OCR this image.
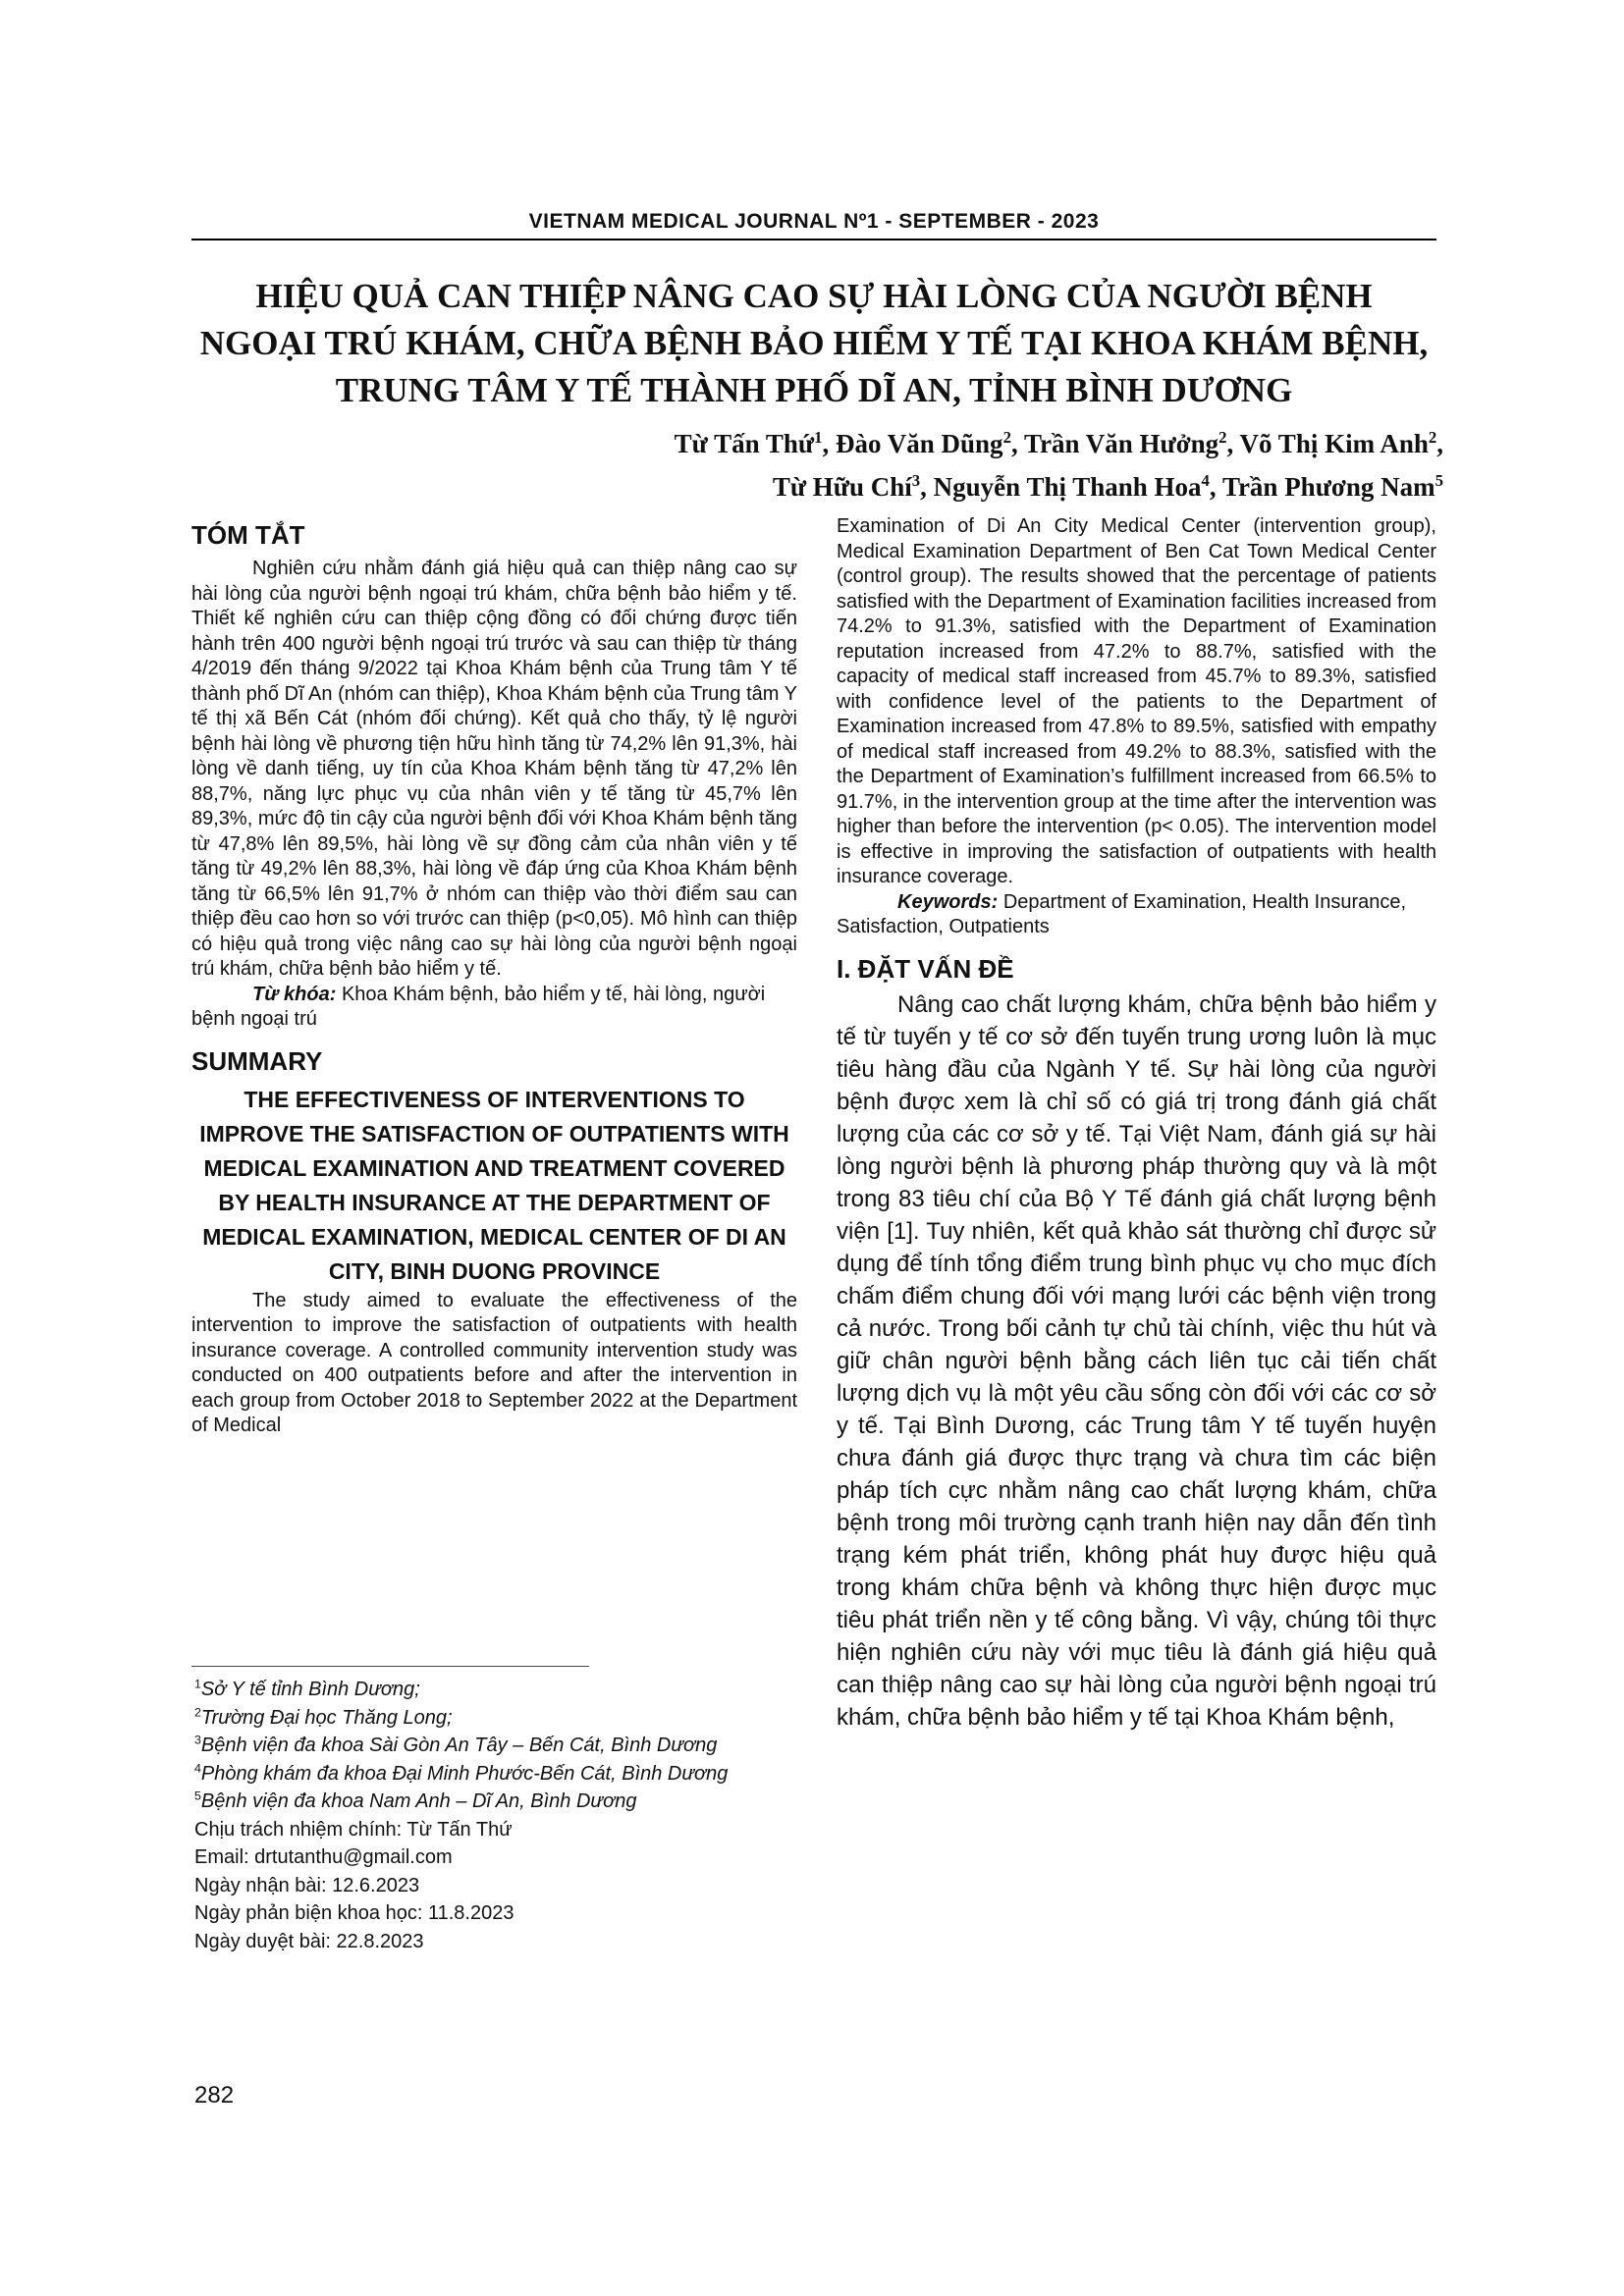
VIETNAM MEDICAL JOURNAL Nº1 - SEPTEMBER - 2023
HIỆU QUẢ CAN THIỆP NÂNG CAO SỰ HÀI LÒNG CỦA NGƯỜI BỆNH
NGOẠI TRÚ KHÁM, CHỮA BỆNH BẢO HIỂM Y TẾ TẠI KHOA KHÁM BỆNH,
TRUNG TÂM Y TẾ THÀNH PHỐ DĨ AN, TỈNH BÌNH DƯƠNG
Từ Tấn Thứ$^1$, Đào Văn Dũng$^2$, Trần Văn Hưởng$^2$, Võ Thị Kim Anh$^2$,
Từ Hữu Chí$^3$, Nguyễn Thị Thanh Hoa$^4$, Trần Phương Nam$^5$
TÓM TẮT

Nghiên cứu nhằm đánh giá hiệu quả can thiệp nâng cao sự hài lòng của người bệnh ngoại trú khám, chữa bệnh bảo hiểm y tế. Thiết kế nghiên cứu can thiệp cộng đồng có đối chứng được tiến hành trên 400 người bệnh ngoại trú trước và sau can thiệp từ tháng 4/2019 đến tháng 9/2022 tại Khoa Khám bệnh của Trung tâm Y tế thành phố Dĩ An (nhóm can thiệp), Khoa Khám bệnh của Trung tâm Y tế thị xã Bến Cát (nhóm đối chứng). Kết quả cho thấy, tỷ lệ người bệnh hài lòng về phương tiện hữu hình tăng từ 74,2% lên 91,3%, hài lòng về danh tiếng, uy tín của Khoa Khám bệnh tăng từ 47,2% lên 88,7%, năng lực phục vụ của nhân viên y tế tăng từ 45,7% lên 89,3%, mức độ tin cậy của người bệnh đối với Khoa Khám bệnh tăng từ 47,8% lên 89,5%, hài lòng về sự đồng cảm của nhân viên y tế tăng từ 49,2% lên 88,3%, hài lòng về đáp ứng của Khoa Khám bệnh tăng từ 66,5% lên 91,7% ở nhóm can thiệp vào thời điểm sau can thiệp đều cao hơn so với trước can thiệp (p<0,05). Mô hình can thiệp có hiệu quả trong việc nâng cao sự hài lòng của người bệnh ngoại trú khám, chữa bệnh bảo hiểm y tế.

Từ khóa: Khoa Khám bệnh, bảo hiểm y tế, hài lòng, người bệnh ngoại trú

SUMMARY

THE EFFECTIVENESS OF INTERVENTIONS TO IMPROVE THE SATISFACTION OF OUTPATIENTS WITH MEDICAL EXAMINATION AND TREATMENT COVERED BY HEALTH INSURANCE AT THE DEPARTMENT OF MEDICAL EXAMINATION, MEDICAL CENTER OF DI AN CITY, BINH DUONG PROVINCE

The study aimed to evaluate the effectiveness of the intervention to improve the satisfaction of outpatients with health insurance coverage. A controlled community intervention study was conducted on 400 outpatients before and after the intervention in each group from October 2018 to September 2022 at the Department of Medical

Examination of Di An City Medical Center (intervention group), Medical Examination Department of Ben Cat Town Medical Center (control group). The results showed that the percentage of patients satisfied with the Department of Examination facilities increased from 74.2% to 91.3%, satisfied with the Department of Examination reputation increased from 47.2% to 88.7%, satisfied with the capacity of medical staff increased from 45.7% to 89.3%, satisfied with confidence level of the patients to the Department of Examination increased from 47.8% to 89.5%, satisfied with empathy of medical staff increased from 49.2% to 88.3%, satisfied with the the Department of Examination’s fulfillment increased from 66.5% to 91.7%, in the intervention group at the time after the intervention was higher than before the intervention (p< 0.05). The intervention model is effective in improving the satisfaction of outpatients with health insurance coverage.

Keywords: Department of Examination, Health Insurance, Satisfaction, Outpatients

I. ĐẶT VẤN ĐỀ

Nâng cao chất lượng khám, chữa bệnh bảo hiểm y tế từ tuyến y tế cơ sở đến tuyến trung ương luôn là mục tiêu hàng đầu của Ngành Y tế. Sự hài lòng của người bệnh được xem là chỉ số có giá trị trong đánh giá chất lượng của các cơ sở y tế. Tại Việt Nam, đánh giá sự hài lòng người bệnh là phương pháp thường quy và là một trong 83 tiêu chí của Bộ Y Tế đánh giá chất lượng bệnh viện [1]. Tuy nhiên, kết quả khảo sát thường chỉ được sử dụng để tính tổng điểm trung bình phục vụ cho mục đích chấm điểm chung đối với mạng lưới các bệnh viện trong cả nước. Trong bối cảnh tự chủ tài chính, việc thu hút và giữ chân người bệnh bằng cách liên tục cải tiến chất lượng dịch vụ là một yêu cầu sống còn đối với các cơ sở y tế. Tại Bình Dương, các Trung tâm Y tế tuyến huyện chưa đánh giá được thực trạng và chưa tìm các biện pháp tích cực nhằm nâng cao chất lượng khám, chữa bệnh trong môi trường cạnh tranh hiện nay dẫn đến tình trạng kém phát triển, không phát huy được hiệu quả trong khám chữa bệnh và không thực hiện được mục tiêu phát triển nền y tế công bằng. Vì vậy, chúng tôi thực hiện nghiên cứu này với mục tiêu là đánh giá hiệu quả can thiệp nâng cao sự hài lòng của người bệnh ngoại trú khám, chữa bệnh bảo hiểm y tế tại Khoa Khám bệnh,

$^1$Sở Y tế tỉnh Bình Dương;

$^2$Trường Đại học Thăng Long;

$^3$Bệnh viện đa khoa Sài Gòn An Tây – Bến Cát, Bình Dương

$^4$Phòng khám đa khoa Đại Minh Phước-Bến Cát, Bình Dương

$^5$Bệnh viện đa khoa Nam Anh – Dĩ An, Bình Dương

Chịu trách nhiệm chính: Từ Tấn Thứ

Email: drtutanthu@gmail.com

Ngày nhận bài: 12.6.2023

Ngày phản biện khoa học: 11.8.2023

Ngày duyệt bài: 22.8.2023

282
